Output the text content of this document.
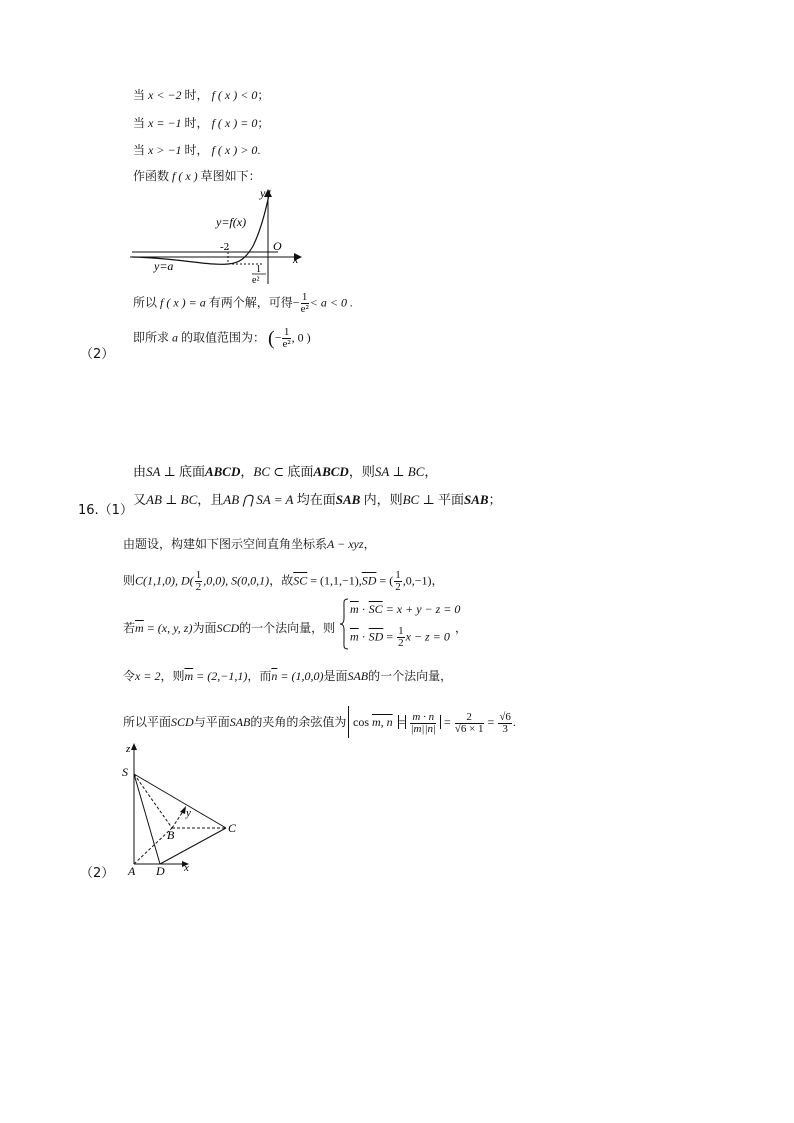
当 x < −2 时， f ( x ) < 0；
当 x = −1 时， f ( x ) = 0；
当 x > −1 时， f ( x ) > 0.
作函数 f ( x ) 草图如下：
y
x
O
y=f(x)
y=a
-2
1
e²
所以 f ( x ) = a 有两个解，可得− $\frac{1}{\text{e²}} < a < 0$ .
即所求 a 的取值范围为： (− $\frac{1}{\text{e²}}$ , 0 )
（2）
由SA ⊥ 底面ABCD，BC ⊂ 底面ABCD，则SA ⊥ BC，
又AB ⊥ BC，且AB ⋂ SA = A 均在面SAB 内，则BC ⊥ 平面SAB；
16.（1）
由题设，构建如下图示空间直角坐标系A − xyz，
则C(1,1,0), $D( \frac{1}{2} ,0,0)$, S(0,0,1)，故$\overline{SC} = (1,1,-1),\overline{SD}$ = ( $\frac{1}{2} ,0,-1$)，
若$\overline{m} = (x$, y, z)为面SCD的一个法向量，则
$\overline{m} \cdot \overline{SC} = x + y - z = 0$
$\overline{m} \cdot \overline{SD} = \frac{1}{2}$ x − z = 0
，
令x = 2，则$\overline{m} = (2,-1,1)$，而$\overline{n} = (1,0,0)$是面SAB的一个法向量，
所以平面SCD与平面SAB的夹角的余弦值为 cos m, $n = \frac{m \cdot n}{|m||n|} = \frac{2}{√6 \times 1} = \frac{√6}{3}$ .
z
S
y
B	C
A D x
（2）
